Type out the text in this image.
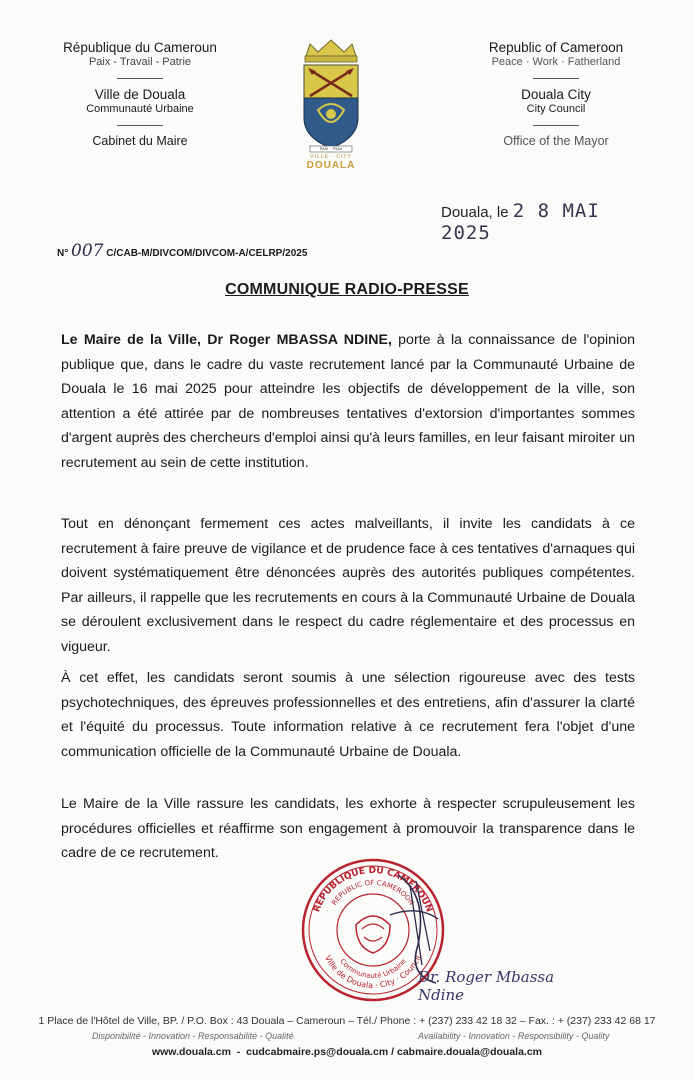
République du Cameroun
Paix - Travail - Patrie
Ville de Douala
Communauté Urbaine
Cabinet du Maire
Republic of Cameroon
Peace · Work · Fatherland
Douala City
City Council
Office of the Mayor
PAIX · TRAV
VILLE · CITY
DOUALA
Douala, le 2 8 MAI 2025
N° 007 C/CAB-M/DIVCOM/DIVCOM-A/CELRP/2025
COMMUNIQUE RADIO-PRESSE
Le Maire de la Ville, Dr Roger MBASSA NDINE, porte à la connaissance de l'opinion publique que, dans le cadre du vaste recrutement lancé par la Communauté Urbaine de Douala le 16 mai 2025 pour atteindre les objectifs de développement de la ville, son attention a été attirée par de nombreuses tentatives d'extorsion d'importantes sommes d'argent auprès des chercheurs d'emploi ainsi qu'à leurs familles, en leur faisant miroiter un recrutement au sein de cette institution.
Tout en dénonçant fermement ces actes malveillants, il invite les candidats à ce recrutement à faire preuve de vigilance et de prudence face à ces tentatives d'arnaques qui doivent systématiquement être dénoncées auprès des autorités publiques compétentes. Par ailleurs, il rappelle que les recrutements en cours à la Communauté Urbaine de Douala se déroulent exclusivement dans le respect du cadre réglementaire et des processus en vigueur.
À cet effet, les candidats seront soumis à une sélection rigoureuse avec des tests psychotechniques, des épreuves professionnelles et des entretiens, afin d'assurer la clarté et l'équité du processus. Toute information relative à ce recrutement fera l'objet d'une communication officielle de la Communauté Urbaine de Douala.
Le Maire de la Ville rassure les candidats, les exhorte à respecter scrupuleusement les procédures officielles et réaffirme son engagement à promouvoir la transparence dans le cadre de ce recrutement.
REPUBLIQUE DU CAMEROUN
REPUBLIC OF CAMEROON
Ville de Douala · City · Council
Communauté Urbaine
Dr. Roger Mbassa Ndine
1 Place de l'Hôtel de Ville, BP. / P.O. Box : 43 Douala – Cameroun – Tél./ Phone : + (237) 233 42 18 32 – Fax. : + (237) 233 42 68 17
Disponibilité - Innovation - Responsabilité - Qualité	Availability - Innovation - Responsibility - Quality
www.douala.cm  -  cudcabmaire.ps@douala.cm / cabmaire.douala@douala.cm
